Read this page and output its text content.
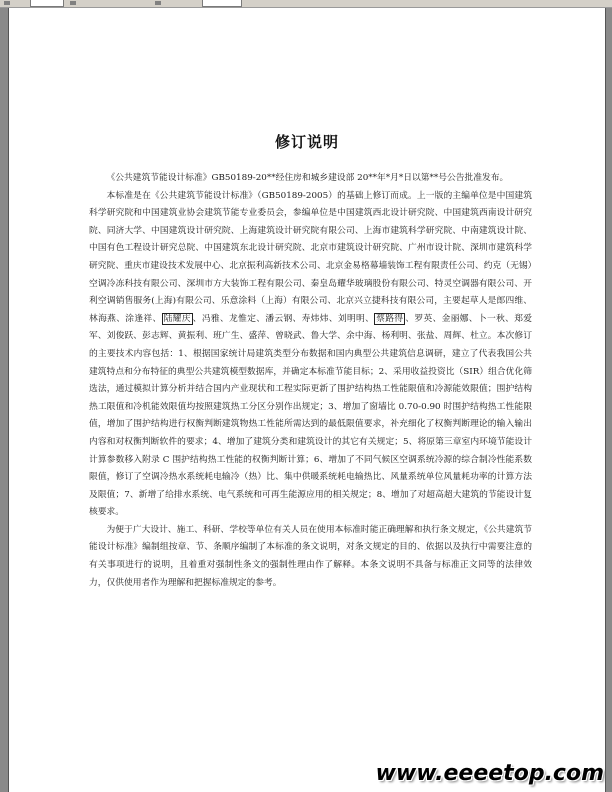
修订说明

《公共建筑节能设计标准》GB50189-20**经住房和城乡建设部 20**年*月*日以第**号公告批准发布。

本标准是在《公共建筑节能设计标准》（GB50189-2005）的基础上修订而成。上一版的主编单位是中国建筑科学研究院和中国建筑业协会建筑节能专业委员会，参编单位是中国建筑西北设计研究院、中国建筑西南设计研究院、同济大学、中国建筑设计研究院、上海建筑设计研究院有限公司、上海市建筑科学研究院、中南建筑设计院、中国有色工程设计研究总院、中国建筑东北设计研究院、北京市建筑设计研究院、广州市设计院、深圳市建筑科学研究院、重庆市建设技术发展中心、北京振利高新技术公司、北京金易格幕墙装饰工程有限责任公司、约克（无锡）空调冷冻科技有限公司、深圳市方大装饰工程有限公司、秦皇岛耀华玻璃股份有限公司、特灵空调器有限公司、开利空调销售服务(上海)有限公司、乐意涂料（上海）有限公司、北京兴立捷科技有限公司，主要起草人是郎四维、林海燕、涂逢祥、 陆耀庆 、冯雅、龙惟定、潘云钢、寿炜炜、刘明明、 蔡路得 、罗英、金丽娜、卜一秋、郑爱军、刘俊跃、彭志辉、黄振利、班广生、盛萍、曾晓武、鲁大学、余中海、杨利明、张盐、周辉、杜立。本次修订的主要技术内容包括：1、根据国家统计局建筑类型分布数据和国内典型公共建筑信息调研，建立了代表我国公共建筑特点和分布特征的典型公共建筑模型数据库，并确定本标准节能目标；2、采用收益投资比（SIR）组合优化筛选法，通过模拟计算分析并结合国内产业现状和工程实际更新了围护结构热工性能限值和冷源能效限值；围护结构热工限值和冷机能效限值均按照建筑热工分区分别作出规定；3、增加了窗墙比 0.70-0.90 时围护结构热工性能限值，增加了围护结构进行权衡判断建筑物热工性能所需达到的最低限值要求，补充细化了权衡判断理论的输入输出内容和对权衡判断软件的要求；4、增加了建筑分类和建筑设计的其它有关规定；5、将原第三章室内环境节能设计计算参数移入附录 C 围护结构热工性能的权衡判断计算；6、增加了不同气候区空调系统冷源的综合制冷性能系数限值，修订了空调冷热水系统耗电输冷（热）比、集中供暖系统耗电输热比、风量系统单位风量耗功率的计算方法及限值；7、新增了给排水系统、电气系统和可再生能源应用的相关规定；8、增加了对超高超大建筑的节能设计复核要求。

为便于广大设计、施工、科研、学校等单位有关人员在使用本标准时能正确理解和执行条文规定，《公共建筑节能设计标准》编制组按章、节、条顺序编制了本标准的条文说明，对条文规定的目的、依据以及执行中需要注意的有关事项进行的说明，且着重对强制性条文的强制性理由作了解释。本条文说明不具备与标准正文同等的法律效力，仅供使用者作为理解和把握标准规定的参考。

www.eeeetop.com
